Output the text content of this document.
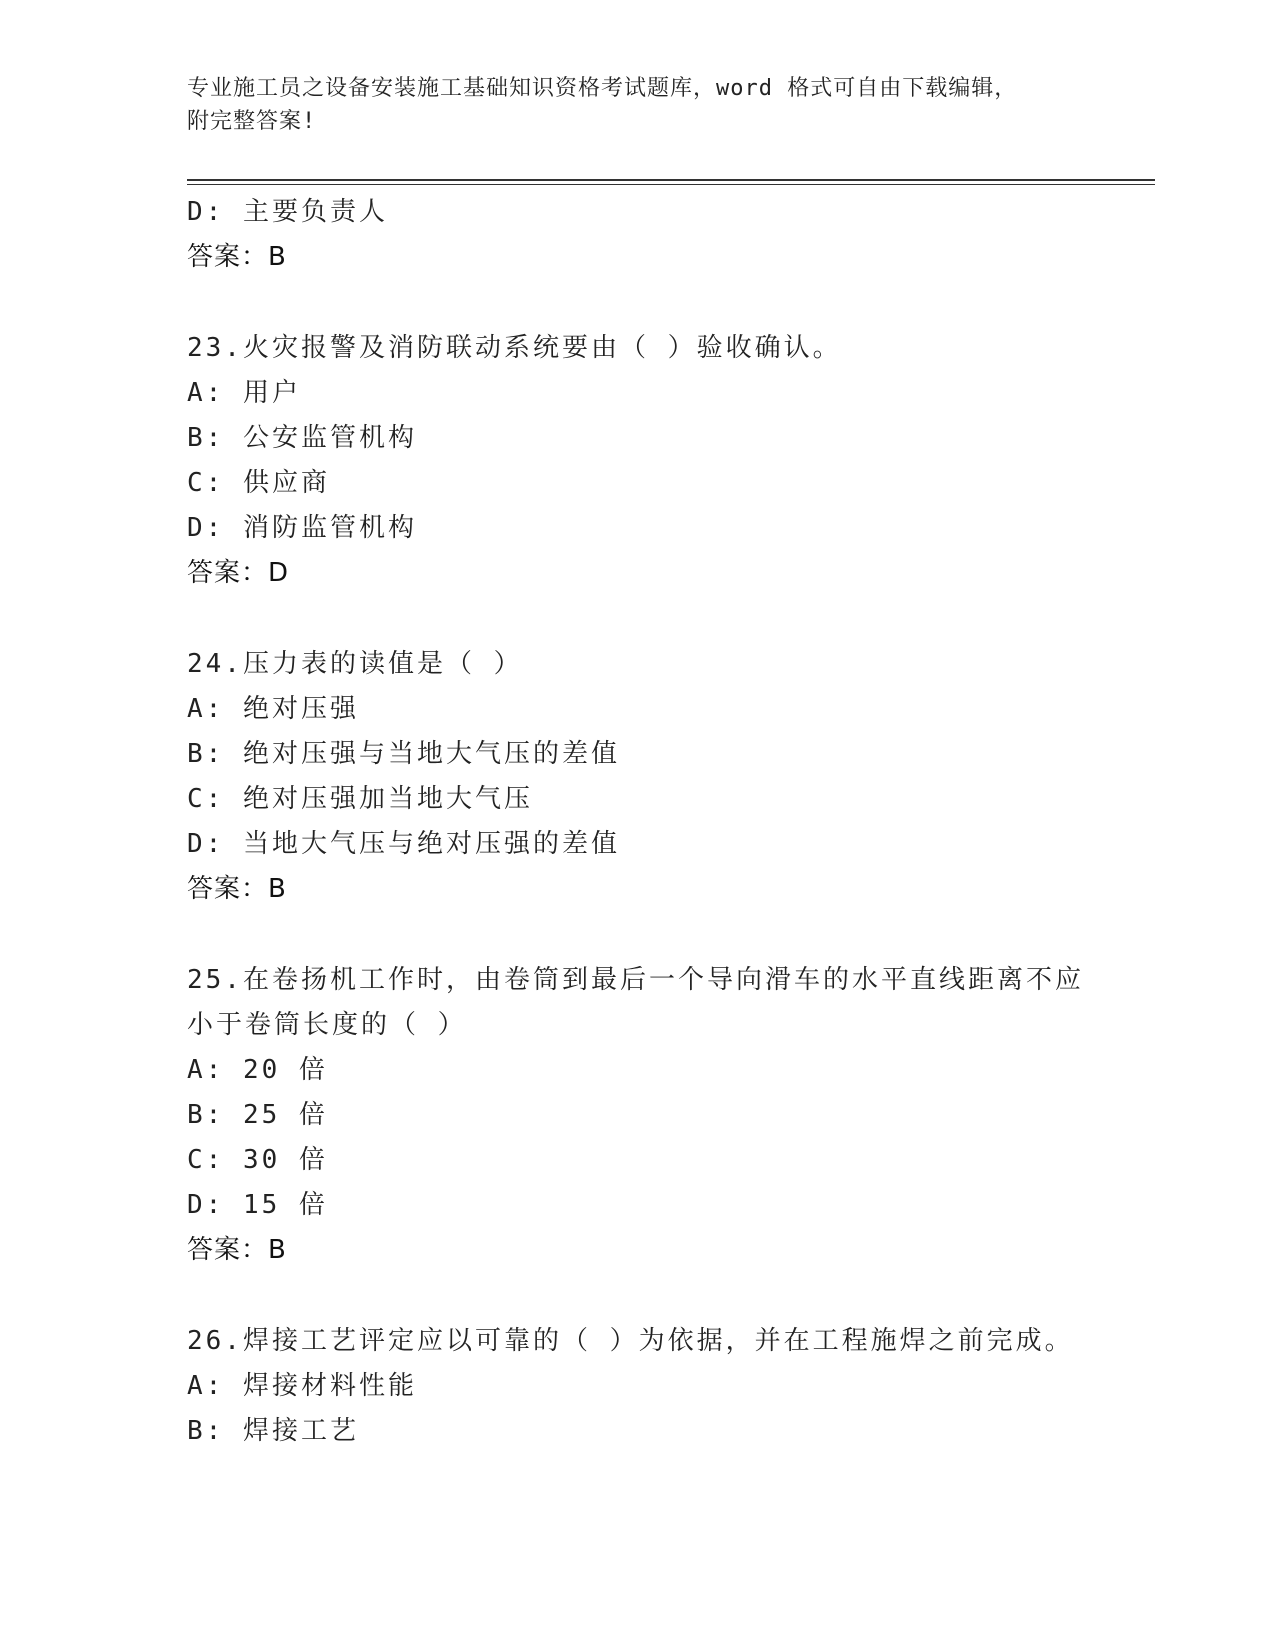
专业施工员之设备安装施工基础知识资格考试题库，word 格式可自由下载编辑，
附完整答案!
D: 主要负责人
答案：B
23.火灾报警及消防联动系统要由（ ）验收确认。
A: 用户
B: 公安监管机构
C: 供应商
D: 消防监管机构
答案：D
24.压力表的读值是（ ）
A: 绝对压强
B: 绝对压强与当地大气压的差值
C: 绝对压强加当地大气压
D: 当地大气压与绝对压强的差值
答案：B
25.在卷扬机工作时，由卷筒到最后一个导向滑车的水平直线距离不应
小于卷筒长度的（ ）
A: 20 倍
B: 25 倍
C: 30 倍
D: 15 倍
答案：B
26.焊接工艺评定应以可靠的（ ）为依据，并在工程施焊之前完成。
A: 焊接材料性能
B: 焊接工艺
